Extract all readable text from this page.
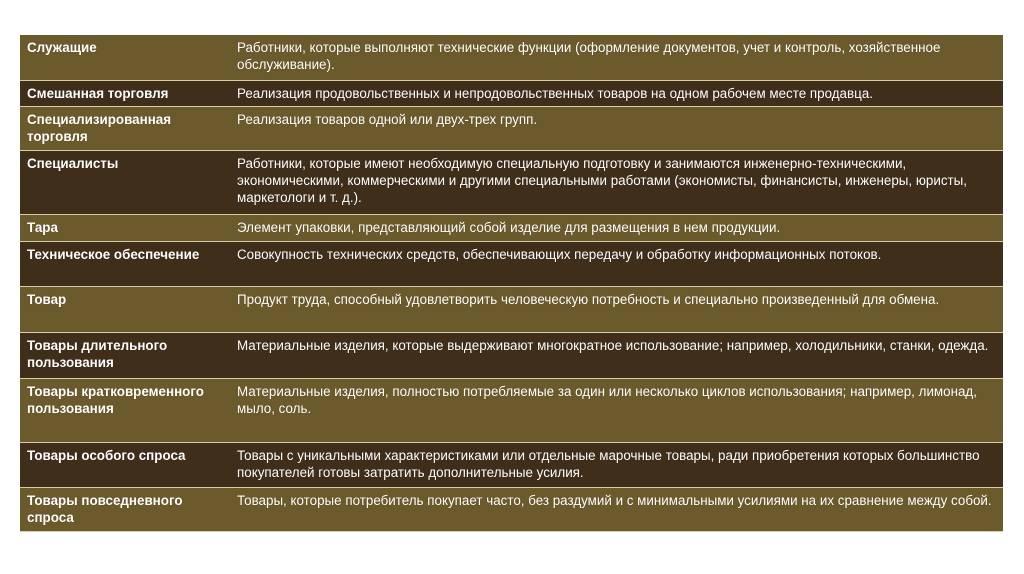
Служащие	Работники, которые выполняют технические функции (оформление документов, учет и контроль, хозяйственное обслуживание).
Смешанная торговля	Реализация продовольственных и непродовольственных товаров на одном рабочем месте продавца.
Специализированная торговля	Реализация товаров одной или двух-трех групп.
Специалисты	Работники, которые имеют необходимую специальную подготовку и занимаются инженерно-техническими, экономическими, коммерческими и другими специальными работами (экономисты, финансисты, инженеры, юристы, маркетологи и т. д.).
Тара	Элемент упаковки, представляющий собой изделие для размещения в нем продукции.
Техническое обеспечение	Совокупность технических средств, обеспечивающих передачу и обработку информационных потоков.
Товар	Продукт труда, способный удовлетворить человеческую потребность и специально произведенный для обмена.
Товары длительного пользования	Материальные изделия, которые выдерживают многократное использование; например, холодильники, станки, одежда.
Товары кратковременного пользования	Материальные изделия, полностью потребляемые за один или несколько циклов использования; например, лимонад, мыло, соль.
Товары особого спроса	Товары с уникальными характеристиками или отдельные марочные товары, ради приобретения которых большинство покупателей готовы затратить дополнительные усилия.
Товары повседневного спроса	Товары, которые потребитель покупает часто, без раздумий и с минимальными усилиями на их сравнение между собой.
